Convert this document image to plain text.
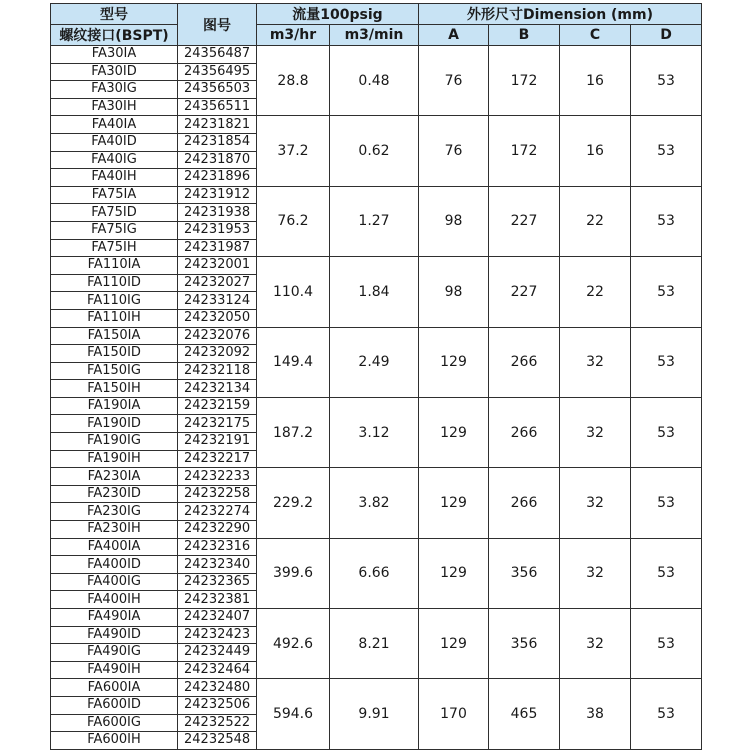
型号	图号	流量100psig		外形尺寸Dimension (mm)			
螺纹接口(BSPT)		m3/hr	m3/min	A	B	C	D
FA30IA	24356487	28.8	0.48	76	172	16	53
FA30ID	24356495						
FA30IG	24356503						
FA30IH	24356511						
FA40IA	24231821	37.2	0.62	76	172	16	53
FA40ID	24231854						
FA40IG	24231870						
FA40IH	24231896						
FA75IA	24231912	76.2	1.27	98	227	22	53
FA75ID	24231938						
FA75IG	24231953						
FA75IH	24231987						
FA110IA	24232001	110.4	1.84	98	227	22	53
FA110ID	24232027						
FA110IG	24233124						
FA110IH	24232050						
FA150IA	24232076	149.4	2.49	129	266	32	53
FA150ID	24232092						
FA150IG	24232118						
FA150IH	24232134						
FA190IA	24232159	187.2	3.12	129	266	32	53
FA190ID	24232175						
FA190IG	24232191						
FA190IH	24232217						
FA230IA	24232233	229.2	3.82	129	266	32	53
FA230ID	24232258						
FA230IG	24232274						
FA230IH	24232290						
FA400IA	24232316	399.6	6.66	129	356	32	53
FA400ID	24232340						
FA400IG	24232365						
FA400IH	24232381						
FA490IA	24232407	492.6	8.21	129	356	32	53
FA490ID	24232423						
FA490IG	24232449						
FA490IH	24232464						
FA600IA	24232480	594.6	9.91	170	465	38	53
FA600ID	24232506						
FA600IG	24232522						
FA600IH	24232548						
